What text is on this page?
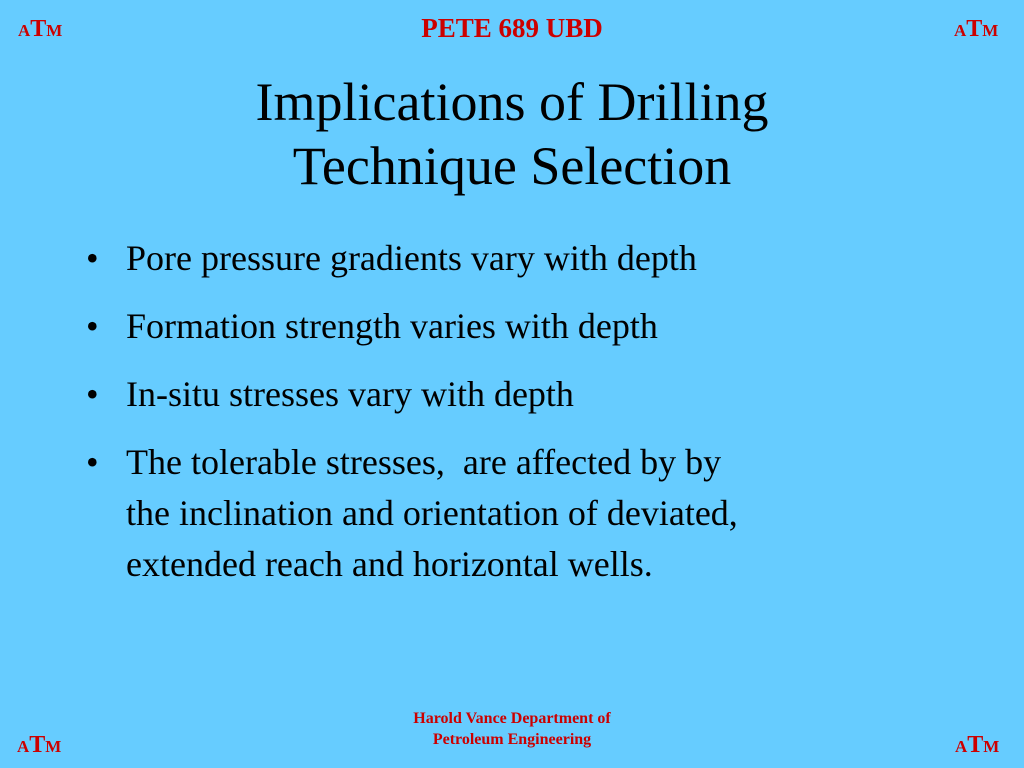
ATM	ATM
ATM	ATM
PETE 689 UBD
Implications of Drilling
Technique Selection
• Pore pressure gradients vary with depth
• Formation strength varies with depth
• In-situ stresses vary with depth
• The tolerable stresses,  are affected by by
the inclination and orientation of deviated,
extended reach and horizontal wells.
Harold Vance Department of
Petroleum Engineering
